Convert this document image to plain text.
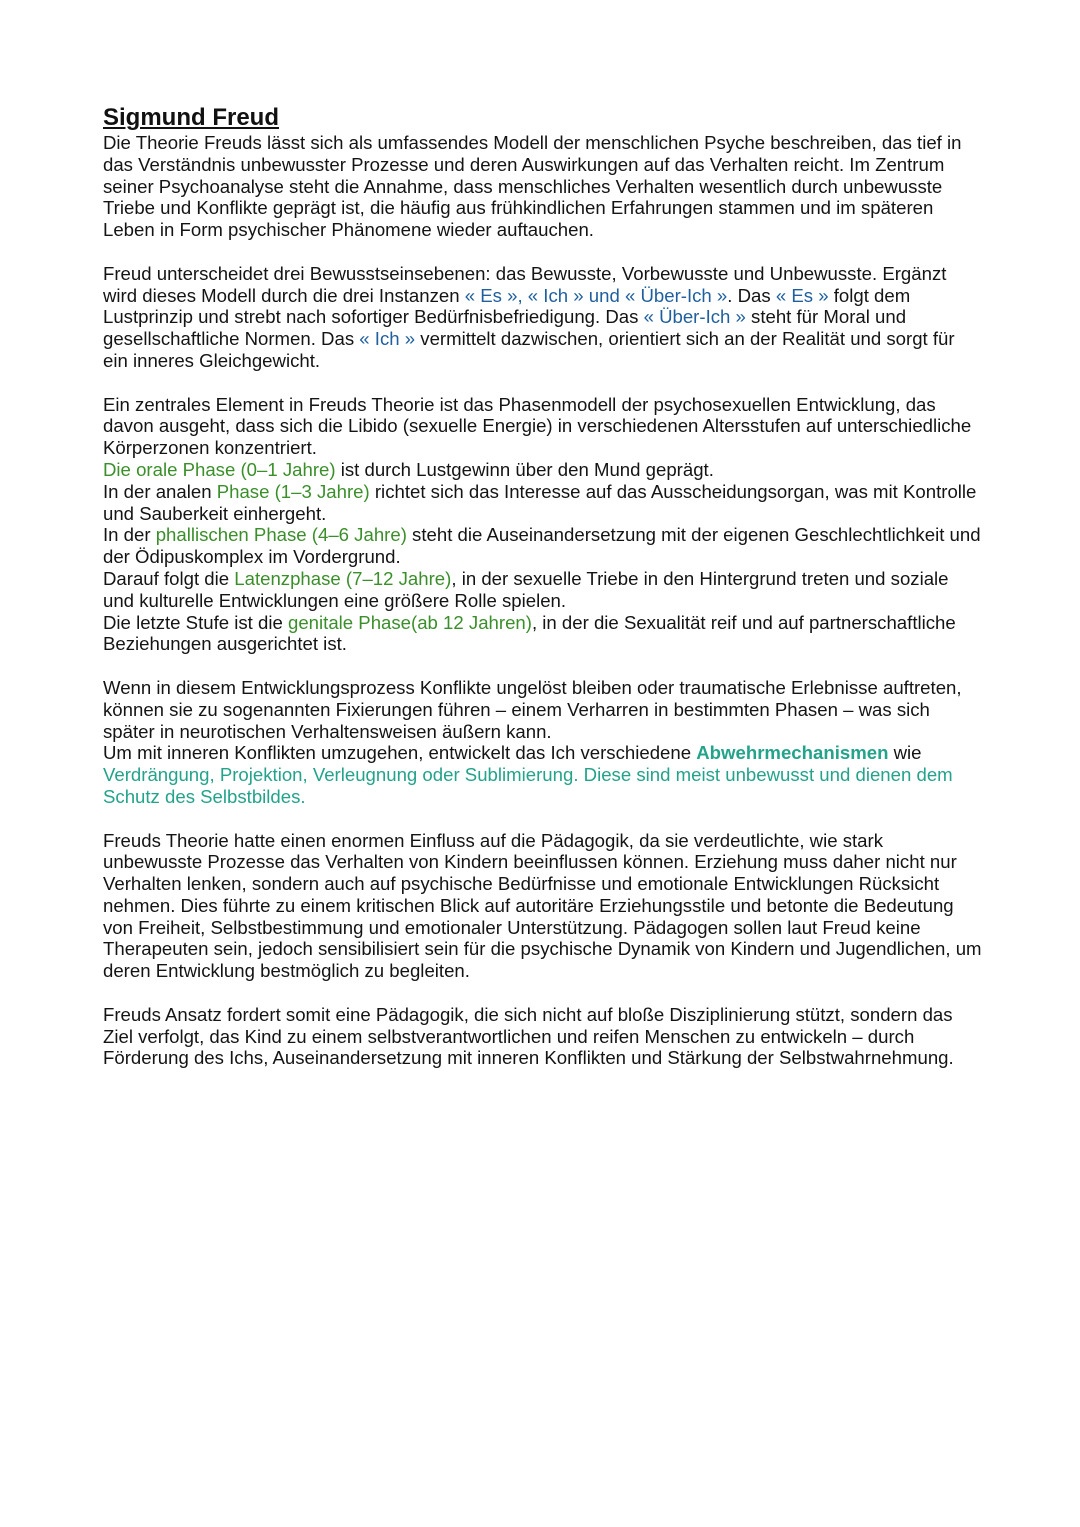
Sigmund Freud

Die Theorie Freuds lässt sich als umfassendes Modell der menschlichen Psyche beschreiben, das tief in das Verständnis unbewusster Prozesse und deren Auswirkungen auf das Verhalten reicht. Im Zentrum seiner Psychoanalyse steht die Annahme, dass menschliches Verhalten wesentlich durch unbewusste Triebe und Konflikte geprägt ist, die häufig aus frühkindlichen Erfahrungen stammen und im späteren Leben in Form psychischer Phänomene wieder auftauchen.

Freud unterscheidet drei Bewusstseinsebenen: das Bewusste, Vorbewusste und Unbewusste. Ergänzt wird dieses Modell durch die drei Instanzen « Es », « Ich » und « Über-Ich ». Das « Es » folgt dem Lustprinzip und strebt nach sofortiger Bedürfnisbefriedigung. Das « Über-Ich » steht für Moral und gesellschaftliche Normen. Das « Ich » vermittelt dazwischen, orientiert sich an der Realität und sorgt für ein inneres Gleichgewicht.

Ein zentrales Element in Freuds Theorie ist das Phasenmodell der psychosexuellen Entwicklung, das davon ausgeht, dass sich die Libido (sexuelle Energie) in verschiedenen Altersstufen auf unterschiedliche Körperzonen konzentriert.

Die orale Phase (0–1 Jahre) ist durch Lustgewinn über den Mund geprägt.

In der analen Phase (1–3 Jahre) richtet sich das Interesse auf das Ausscheidungsorgan, was mit Kontrolle und Sauberkeit einhergeht.

In der phallischen Phase (4–6 Jahre) steht die Auseinandersetzung mit der eigenen Geschlechtlichkeit und der Ödipuskomplex im Vordergrund.

Darauf folgt die Latenzphase (7–12 Jahre), in der sexuelle Triebe in den Hintergrund treten und soziale und kulturelle Entwicklungen eine größere Rolle spielen.

Die letzte Stufe ist die genitale Phase(ab 12 Jahren), in der die Sexualität reif und auf partnerschaftliche Beziehungen ausgerichtet ist.

Wenn in diesem Entwicklungsprozess Konflikte ungelöst bleiben oder traumatische Erlebnisse auftreten, können sie zu sogenannten Fixierungen führen – einem Verharren in bestimmten Phasen – was sich später in neurotischen Verhaltensweisen äußern kann.

Um mit inneren Konflikten umzugehen, entwickelt das Ich verschiedene Abwehrmechanismen wie Verdrängung, Projektion, Verleugnung oder Sublimierung. Diese sind meist unbewusst und dienen dem Schutz des Selbstbildes.

Freuds Theorie hatte einen enormen Einfluss auf die Pädagogik, da sie verdeutlichte, wie stark unbewusste Prozesse das Verhalten von Kindern beeinflussen können. Erziehung muss daher nicht nur Verhalten lenken, sondern auch auf psychische Bedürfnisse und emotionale Entwicklungen Rücksicht nehmen. Dies führte zu einem kritischen Blick auf autoritäre Erziehungsstile und betonte die Bedeutung von Freiheit, Selbstbestimmung und emotionaler Unterstützung. Pädagogen sollen laut Freud keine Therapeuten sein, jedoch sensibilisiert sein für die psychische Dynamik von Kindern und Jugendlichen, um deren Entwicklung bestmöglich zu begleiten.

Freuds Ansatz fordert somit eine Pädagogik, die sich nicht auf bloße Disziplinierung stützt, sondern das Ziel verfolgt, das Kind zu einem selbstverantwortlichen und reifen Menschen zu entwickeln – durch Förderung des Ichs, Auseinandersetzung mit inneren Konflikten und Stärkung der Selbstwahrnehmung.
